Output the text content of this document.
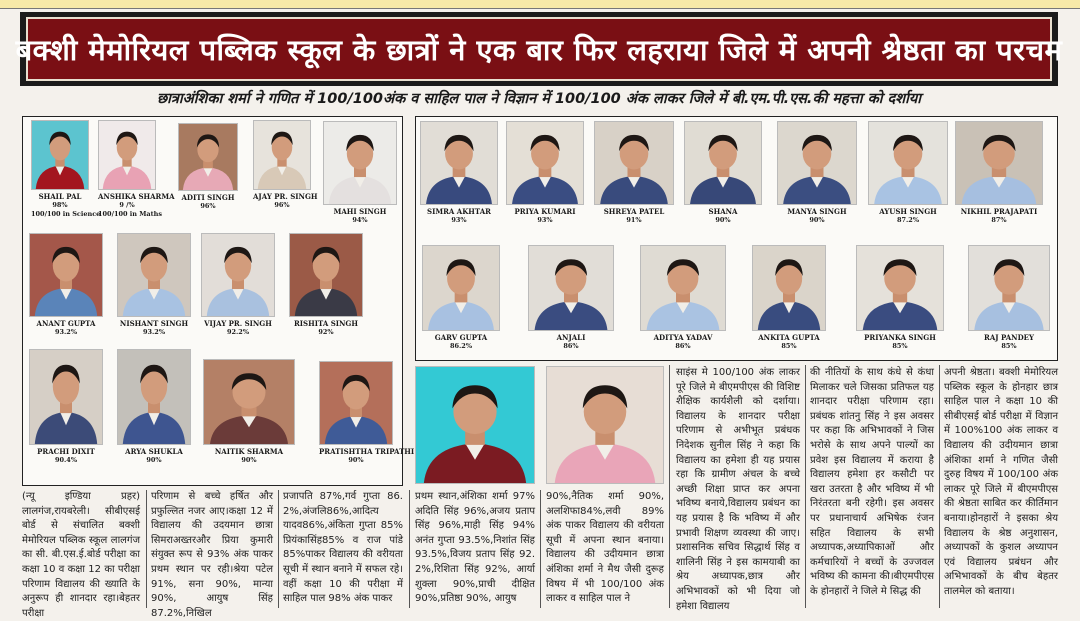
बक्शी मेमोरियल पब्लिक स्कूल के छात्रों ने एक बार फिर लहराया जिले में अपनी श्रेष्ठता का परचम
छात्राअंशिका शर्मा ने गणित में 100/100अंक व साहिल पाल ने विज्ञान में 100/100 अंक लाकर जिले में बी.एम.पी.एस.की महत्ता को दर्शाया
SHAIL PAL
98%
100/100 in Science
ANSHIKA SHARMA
9 /%
100/100 in Maths
ADITI SINGH
96%
AJAY PR. SINGH
96%
MAHI SINGH
94%
ANANT GUPTA
93.2%
NISHANT SINGH
93.2%
VIJAY PR. SINGH
92.2%
RISHITA SINGH
92%
PRACHI DIXIT
90.4%
ARYA SHUKLA
90%
NAITIK SHARMA
90%
PRATISHTHA TRIPATHI
90%
SIMRA AKHTAR
93%
PRIYA KUMARI
93%
SHREYA PATEL
91%
SHANA
90%
MANYA SINGH
90%
AYUSH SINGH
87.2%
NIKHIL PRAJAPATI
87%
GARV GUPTA
86.2%
ANJALI
86%
ADITYA YADAV
86%
ANKITA GUPTA
85%
PRIYANKA SINGH
85%
RAJ PANDEY
85%
(न्यू इण्डिया प्रहर) लालगंज,रायबरेली। सीबीएसई बोर्ड से संचालित बक्शी मेमोरियल पब्लिक स्कूल लालगंज का सी. बी.एस.ई.बोर्ड परीक्षा का कक्षा 10 व कक्षा 12 का परीक्षा परिणाम विद्यालय की ख्याति के अनुरूप ही शानदार रहा।बेहतर परीक्षा
परिणाम से बच्चे हर्षित और प्रफुल्लित नजर आए।कक्षा 12 में विद्यालय की उदयमान छात्रा सिमराअख्तरऔर प्रिया कुमारी संयुक्त रूप से 93% अंक पाकर प्रथम स्थान पर रही।श्रेया पटेल 91%, सना 90%, मान्या 90%, आयुष सिंह 87.2%,निखिल
प्रजापति 87%,गर्व गुप्ता 86. 2%,अंजलि86%,आदित्य यादव86%,अंकिता गुप्ता 85% प्रियंकासिंह85% व राज पांडे 85%पाकर विद्यालय की वरीयता सूची में स्थान बनाने में सफल रहे।वहीं कक्षा 10 की परीक्षा में साहिल पाल 98% अंक पाकर
प्रथम स्थान,अंशिका शर्मा 97% अदिति सिंह 96%,अजय प्रताप सिंह 96%,माही सिंह 94% अनंत गुप्ता 93.5%,निशांत सिंह 93.5%,विजय प्रताप सिंह 92. 2%,रिशिता सिंह 92%, आर्या शुक्ला 90%,प्राची दीक्षित 90%,प्रतिष्ठा 90%, आयुष
90%,नैतिक शर्मा 90%, अलशिफा84%,लवी 89% अंक पाकर विद्यालय की वरीयता सूची में अपना स्थान बनाया।विद्यालय की उदीयमान छात्रा अंशिका शर्मा ने मैथ जैसी दुरूह विषय में भी 100/100 अंक लाकर व साहिल पाल ने
साइंस मे 100/100 अंक लाकर पूरे जिले मे बीएमपीएस की विशिष्ट शैक्षिक कार्यशैली को दर्शाया।विद्यालय के शानदार परीक्षा परिणाम से अभीभूत प्रबंधक निदेशक सुनील सिंह ने कहा कि विद्यालय का हमेशा ही यह प्रयास रहा कि ग्रामीण अंचल के बच्चे अच्छी शिक्षा प्राप्त कर अपना भविष्य बनाये,विद्यालय प्रबंधन का यह प्रयास है कि भविष्य में और प्रभावी शिक्षण व्यवस्था की जाए।प्रशासनिक सचिव सिद्धार्थ सिंह व शालिनी सिंह ने इस कामयाबी का श्रेय अध्यापक,छात्र और अभिभावकों को भी दिया जो हमेशा विद्यालय
की नीतियों के साथ कंधे से कंधा मिलाकर चले जिसका प्रतिफल यह शानदार परीक्षा परिणाम रहा।प्रबंधक शांतनु सिंह ने इस अवसर पर कहा कि अभिभावकों ने जिस भरोसे के साथ अपने पाल्यों का प्रवेश इस विद्यालय में कराया है विद्यालय हमेशा हर कसौटी पर खरा उतरता है और भविष्य में भी निरंतरता बनी रहेगी। इस अवसर पर प्रधानाचार्य अभिषेक रंजन सहित विद्यालय के सभी अध्यापक,अध्यापिकाओं और कर्मचारियों ने बच्चों के उज्जवल भविष्य की कामना की।बीएमपीएस के होनहारों ने जिले मे सिद्ध की
अपनी श्रेष्ठता। बक्शी मेमोरियल पब्लिक स्कूल के होनहार छात्र साहिल पाल ने कक्षा 10 की सीबीएसई बोर्ड परीक्षा में विज्ञान में 100%100 अंक लाकर व विद्यालय की उदीयमान छात्रा अंशिका शर्मा ने गणित जैसी दुरुह विषय में 100/100 अंक लाकर पूरे जिले में बीएमपीएस की श्रेष्ठता साबित कर कीर्तिमान बनाया।होनहारों ने इसका श्रेय विद्यालय के श्रेष्ठ अनुशासन, अध्यापकों के कुशल अध्यापन एवं विद्यालय प्रबंधन और अभिभावकों के बीच बेहतर तालमेल को बताया।
